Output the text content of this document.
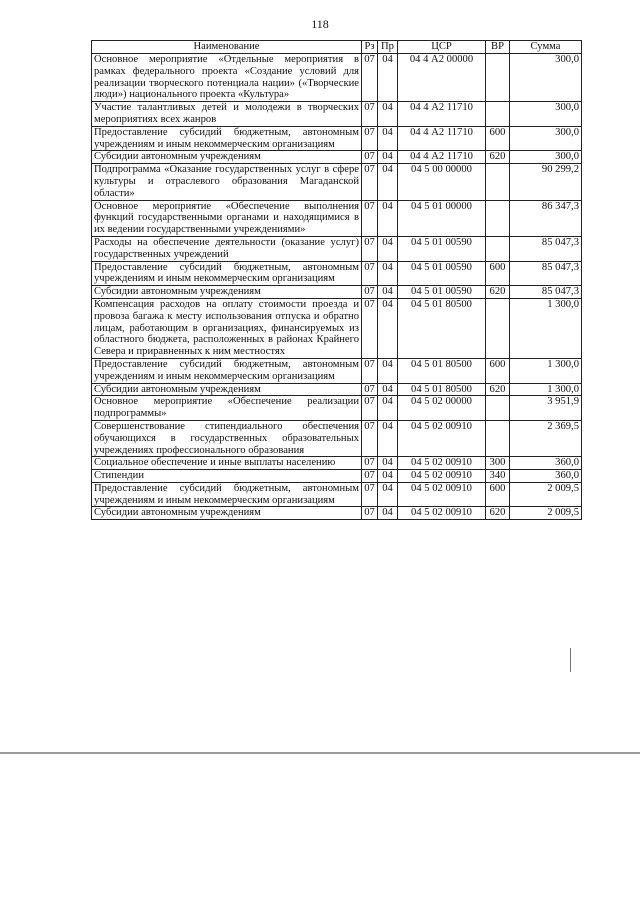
118
Наименование	Рз	Пр	ЦСР	ВР	Сумма
Основное мероприятие «Отдельные мероприятия в рамках федерального проекта «Создание условий для реализации творческого потенциала нации» («Творческие люди») национального проекта «Культура»	07	04	04 4 А2 00000		300,0
Участие талантливых детей и молодежи в творческих мероприятиях всех жанров	07	04	04 4 А2 11710		300,0
Предоставление субсидий бюджетным, автономным учреждениям и иным некоммерческим организациям	07	04	04 4 А2 11710	600	300,0
Субсидии автономным учреждениям	07	04	04 4 А2 11710	620	300,0
Подпрограмма «Оказание государственных услуг в сфере культуры и отраслевого образования Магаданской области»	07	04	04 5 00 00000		90 299,2
Основное мероприятие «Обеспечение выполнения функций государственными органами и находящимися в их ведении государственными учреждениями»	07	04	04 5 01 00000		86 347,3
Расходы на обеспечение деятельности (оказание услуг) государственных учреждений	07	04	04 5 01 00590		85 047,3
Предоставление субсидий бюджетным, автономным учреждениям и иным некоммерческим организациям	07	04	04 5 01 00590	600	85 047,3
Субсидии автономным учреждениям	07	04	04 5 01 00590	620	85 047,3
Компенсация расходов на оплату стоимости проезда и провоза багажа к месту использования отпуска и обратно лицам, работающим в организациях, финансируемых из областного бюджета, расположенных в районах Крайнего Севера и приравненных к ним местностях	07	04	04 5 01 80500		1 300,0
Предоставление субсидий бюджетным, автономным учреждениям и иным некоммерческим организациям	07	04	04 5 01 80500	600	1 300,0
Субсидии автономным учреждениям	07	04	04 5 01 80500	620	1 300,0
Основное мероприятие «Обеспечение реализации подпрограммы»	07	04	04 5 02 00000		3 951,9
Совершенствование стипендиального обеспечения обучающихся в государственных образовательных учреждениях профессионального образования	07	04	04 5 02 00910		2 369,5
Социальное обеспечение и иные выплаты населению	07	04	04 5 02 00910	300	360,0
Стипендии	07	04	04 5 02 00910	340	360,0
Предоставление субсидий бюджетным, автономным учреждениям и иным некоммерческим организациям	07	04	04 5 02 00910	600	2 009,5
Субсидии автономным учреждениям	07	04	04 5 02 00910	620	2 009,5
